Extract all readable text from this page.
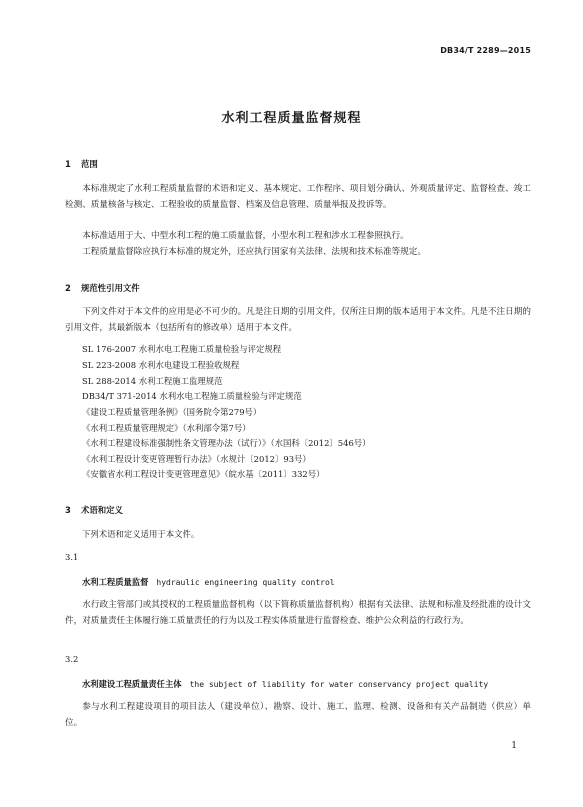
DB34/T 2289—2015
水利工程质量监督规程
1 范围

本标准规定了水利工程质量监督的术语和定义、基本规定、工作程序、项目划分确认、外观质量评定、监督检查、竣工检测、质量核备与核定、工程验收的质量监督、档案及信息管理、质量举报及投诉等。

本标准适用于大、中型水利工程的施工质量监督，小型水利工程和涉水工程参照执行。

工程质量监督除应执行本标准的规定外，还应执行国家有关法律、法规和技术标准等规定。

2 规范性引用文件

下列文件对于本文件的应用是必不可少的。凡是注日期的引用文件，仅所注日期的版本适用于本文件。凡是不注日期的引用文件，其最新版本（包括所有的修改单）适用于本文件。

SL 176-2007 水利水电工程施工质量检验与评定规程
SL 223-2008 水利水电建设工程验收规程
SL 288-2014 水利工程施工监理规范
DB34/T 371-2014 水利水电工程施工质量检验与评定规范
《建设工程质量管理条例》（国务院令第279号）
《水利工程质量管理规定》（水利部令第7号）
《水利工程建设标准强制性条文管理办法（试行）》（水国科〔2012〕546号）
《水利工程设计变更管理暂行办法》（水规计〔2012〕93号）
《安徽省水利工程设计变更管理意见》（皖水基〔2011〕332号）
3 术语和定义
下列术语和定义适用于本文件。
3.1
水利工程质量监督 hydraulic engineering quality control

水行政主管部门或其授权的工程质量监督机构（以下简称质量监督机构）根据有关法律、法规和标准及经批准的设计文件，对质量责任主体履行施工质量责任的行为以及工程实体质量进行监督检查、维护公众利益的行政行为。

3.2
水利建设工程质量责任主体 the subject of liability for water conservancy project quality

参与水利工程建设项目的项目法人（建设单位）、勘察、设计、施工、监理、检测、设备和有关产品制造（供应）单位。

1
